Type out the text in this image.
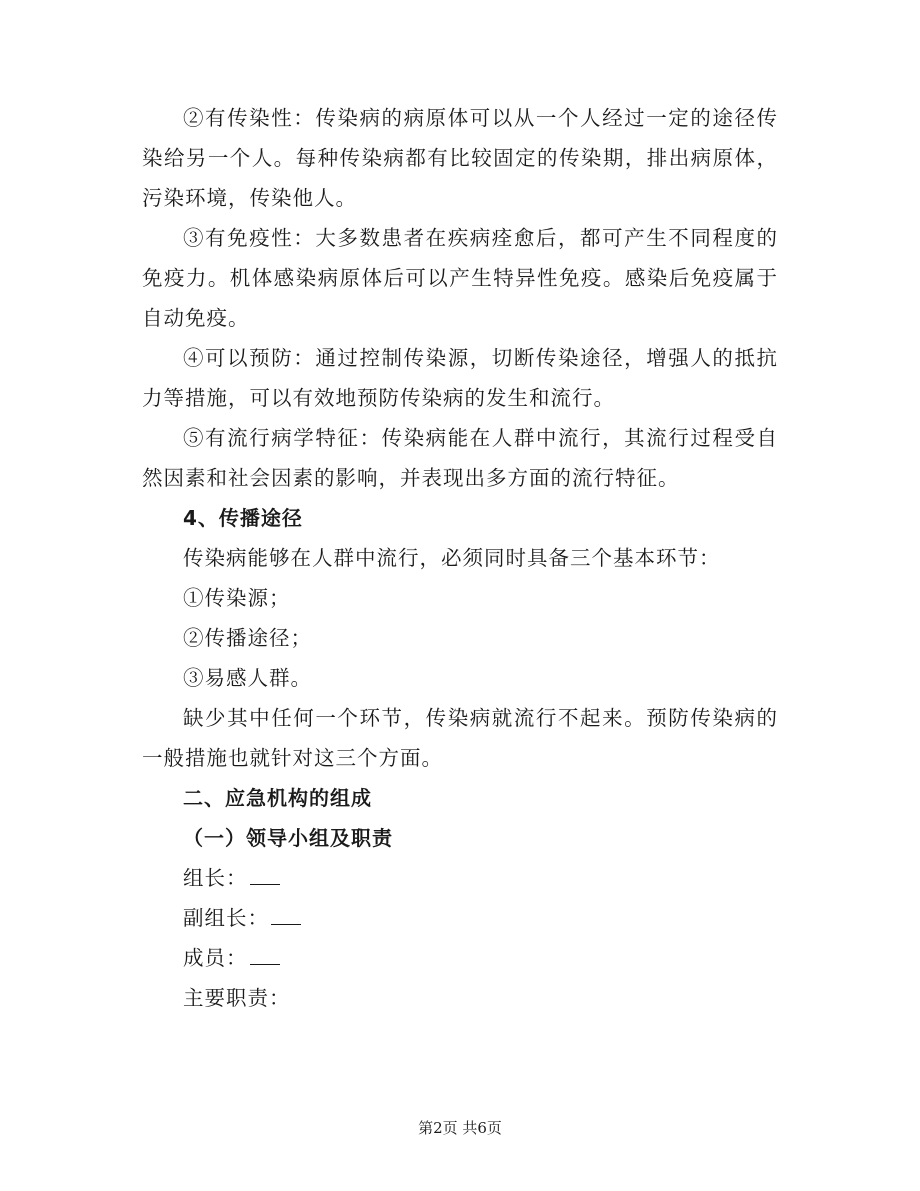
②有传染性：传染病的病原体可以从一个人经过一定的途径传染给另一个人。每种传染病都有比较固定的传染期，排出病原体，污染环境，传染他人。

③有免疫性：大多数患者在疾病痊愈后，都可产生不同程度的免疫力。机体感染病原体后可以产生特异性免疫。感染后免疫属于自动免疫。

④可以预防：通过控制传染源，切断传染途径，增强人的抵抗力等措施，可以有效地预防传染病的发生和流行。

⑤有流行病学特征：传染病能在人群中流行，其流行过程受自然因素和社会因素的影响，并表现出多方面的流行特征。

4、传播途径

传染病能够在人群中流行，必须同时具备三个基本环节：

①传染源；

②传播途径；

③易感人群。

缺少其中任何一个环节，传染病就流行不起来。预防传染病的一般措施也就针对这三个方面。

二、应急机构的组成

（一）领导小组及职责

组长：

副组长：

成员：

主要职责：

第2页 共6页
